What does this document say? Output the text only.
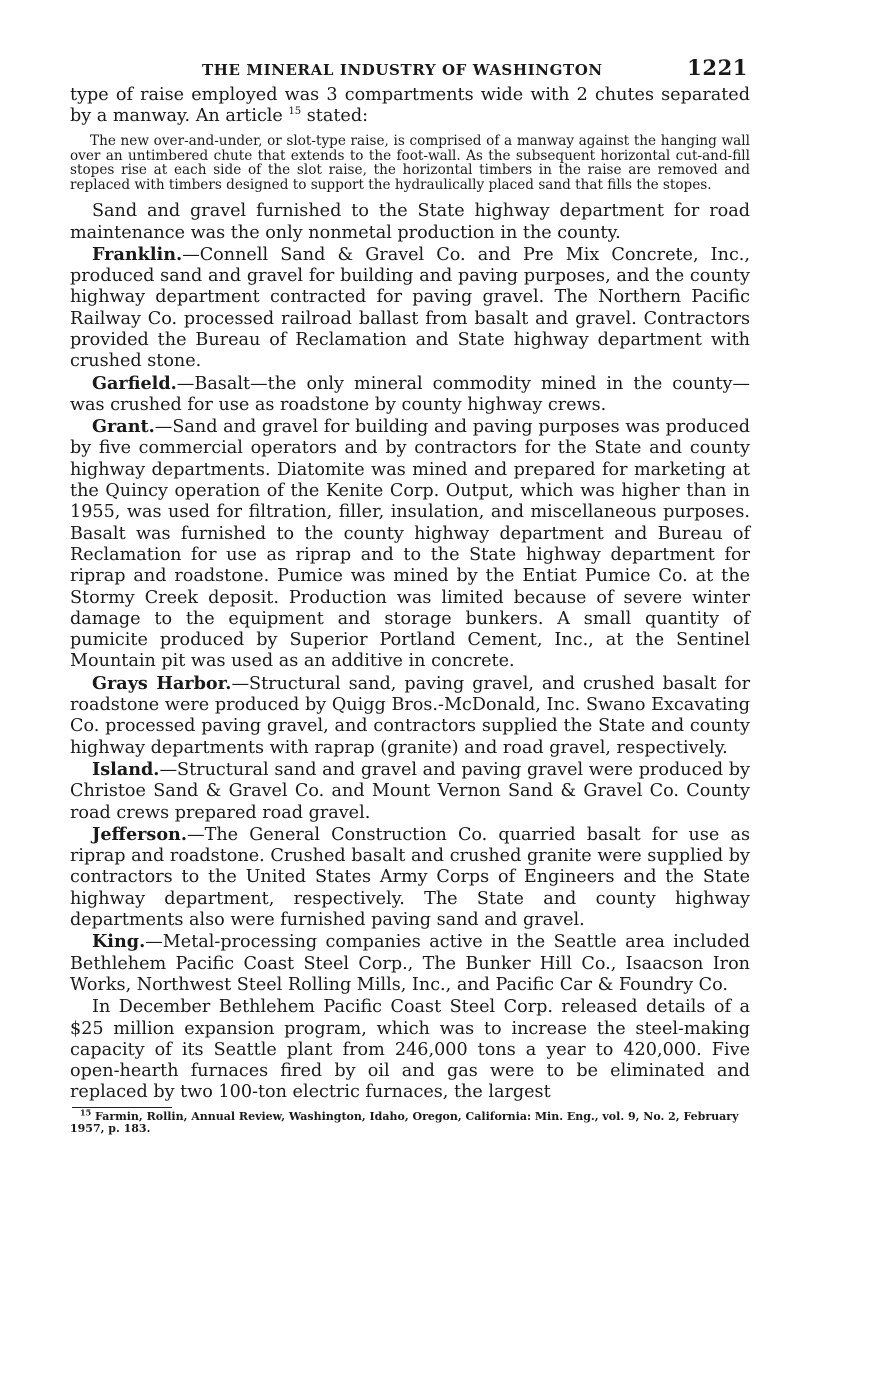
THE MINERAL INDUSTRY OF WASHINGTON	1221

type of raise employed was 3 compartments wide with 2 chutes separated by a manway. An article $^{15}$ stated:

The new over-and-under, or slot-type raise, is comprised of a manway against the hanging wall over an untimbered chute that extends to the foot-wall. As the subsequent horizontal cut-and-fill stopes rise at each side of the slot raise, the horizontal timbers in the raise are removed and replaced with timbers designed to support the hydraulically placed sand that fills the stopes.

Sand and gravel furnished to the State highway department for road maintenance was the only nonmetal production in the county.

Franklin.—Connell Sand & Gravel Co. and Pre Mix Concrete, Inc., produced sand and gravel for building and paving purposes, and the county highway department contracted for paving gravel. The Northern Pacific Railway Co. processed railroad ballast from basalt and gravel. Contractors provided the Bureau of Reclamation and State highway department with crushed stone.

Garfield.—Basalt—the only mineral commodity mined in the county—was crushed for use as roadstone by county highway crews.

Grant.—Sand and gravel for building and paving purposes was produced by five commercial operators and by contractors for the State and county highway departments. Diatomite was mined and prepared for marketing at the Quincy operation of the Kenite Corp. Output, which was higher than in 1955, was used for filtration, filler, insulation, and miscellaneous purposes. Basalt was furnished to the county highway department and Bureau of Reclamation for use as riprap and to the State highway department for riprap and roadstone. Pumice was mined by the Entiat Pumice Co. at the Stormy Creek deposit. Production was limited because of severe winter damage to the equipment and storage bunkers. A small quantity of pumicite produced by Superior Portland Cement, Inc., at the Sentinel Mountain pit was used as an additive in concrete.

Grays Harbor.—Structural sand, paving gravel, and crushed basalt for roadstone were produced by Quigg Bros.-McDonald, Inc. Swano Excavating Co. processed paving gravel, and contractors supplied the State and county highway departments with raprap (granite) and road gravel, respectively.

Island.—Structural sand and gravel and paving gravel were produced by Christoe Sand & Gravel Co. and Mount Vernon Sand & Gravel Co. County road crews prepared road gravel.

Jefferson.—The General Construction Co. quarried basalt for use as riprap and roadstone. Crushed basalt and crushed granite were supplied by contractors to the United States Army Corps of Engineers and the State highway department, respectively. The State and county highway departments also were furnished paving sand and gravel.

King.—Metal-processing companies active in the Seattle area included Bethlehem Pacific Coast Steel Corp., The Bunker Hill Co., Isaacson Iron Works, Northwest Steel Rolling Mills, Inc., and Pacific Car & Foundry Co.

In December Bethlehem Pacific Coast Steel Corp. released details of a $25 million expansion program, which was to increase the steel-making capacity of its Seattle plant from 246,000 tons a year to 420,000. Five open-hearth furnaces fired by oil and gas were to be eliminated and replaced by two 100-ton electric furnaces, the largest

$^{15}$ Farmin, Rollin, Annual Review, Washington, Idaho, Oregon, California: Min. Eng., vol. 9, No. 2, February 1957, p. 183.
